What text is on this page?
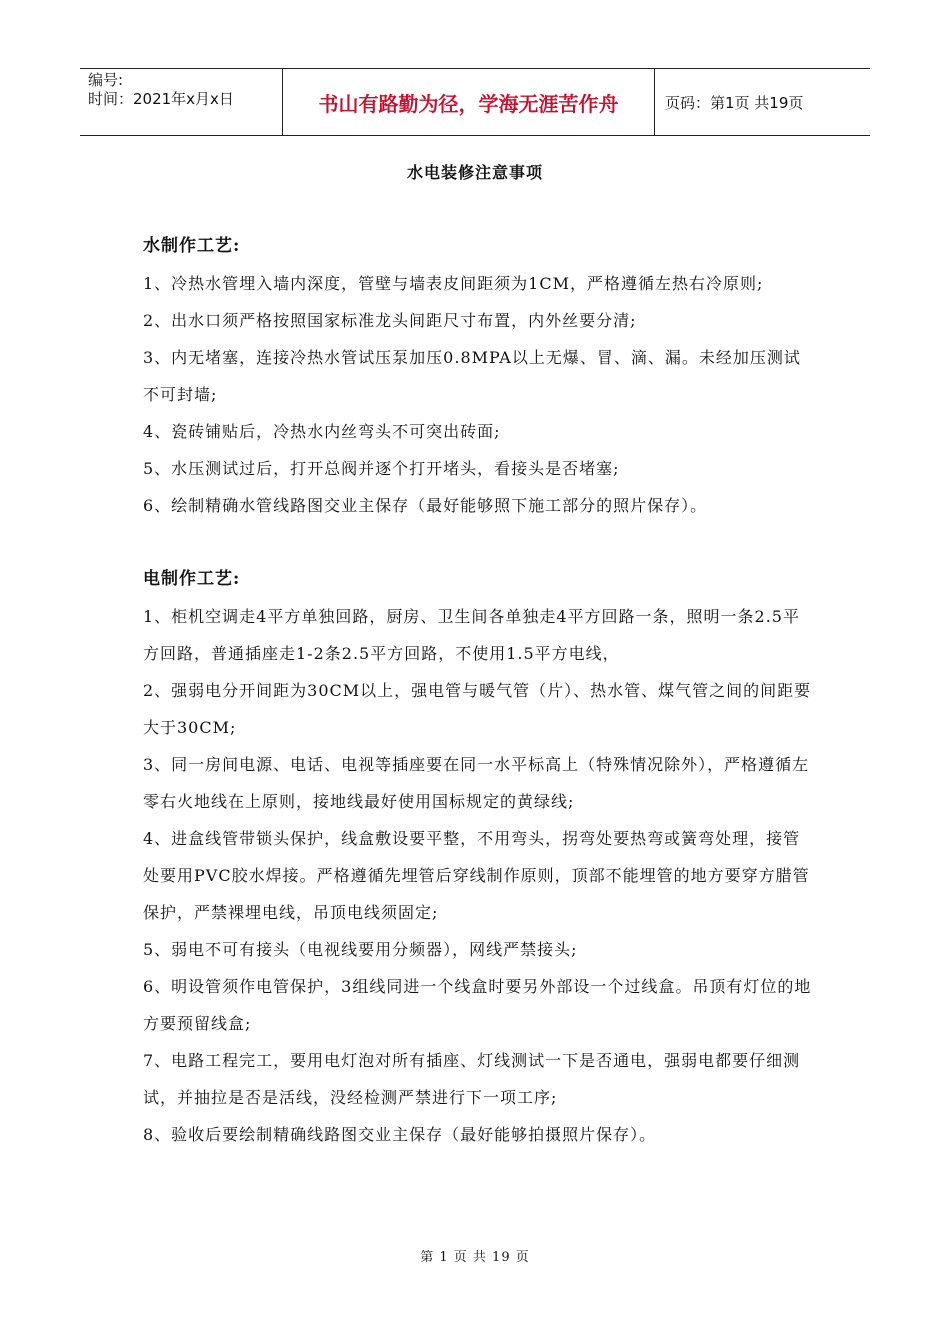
编号:
时间：2021年x月x日	书山有路勤为径，学海无涯苦作舟	页码：第1页 共19页
水电装修注意事项
水制作工艺:

1、冷热水管埋入墙内深度，管壁与墙表皮间距须为1CM，严格遵循左热右冷原则;

2、出水口须严格按照国家标准龙头间距尺寸布置，内外丝要分清;

3、内无堵塞，连接冷热水管试压泵加压0.8MPA以上无爆、冒、滴、漏。未经加压测试不可封墙;

4、瓷砖铺贴后，冷热水内丝弯头不可突出砖面;

5、水压测试过后，打开总阀并逐个打开堵头，看接头是否堵塞;

6、绘制精确水管线路图交业主保存（最好能够照下施工部分的照片保存）。

电制作工艺:

1、柜机空调走4平方单独回路，厨房、卫生间各单独走4平方回路一条，照明一条2.5平方回路，普通插座走1-2条2.5平方回路，不使用1.5平方电线，

2、强弱电分开间距为30CM以上，强电管与暖气管（片）、热水管、煤气管之间的间距要大于30CM;

3、同一房间电源、电话、电视等插座要在同一水平标高上（特殊情况除外），严格遵循左零右火地线在上原则，接地线最好使用国标规定的黄绿线;

4、进盒线管带锁头保护，线盒敷设要平整，不用弯头，拐弯处要热弯或簧弯处理，接管处要用PVC胶水焊接。严格遵循先埋管后穿线制作原则，顶部不能埋管的地方要穿方腊管保护，严禁裸埋电线，吊顶电线须固定;

5、弱电不可有接头（电视线要用分频器），网线严禁接头;

6、明设管须作电管保护，3组线同进一个线盒时要另外部设一个过线盒。吊顶有灯位的地方要预留线盒;

7、电路工程完工，要用电灯泡对所有插座、灯线测试一下是否通电，强弱电都要仔细测试，并抽拉是否是活线，没经检测严禁进行下一项工序;

8、验收后要绘制精确线路图交业主保存（最好能够拍摄照片保存）。

第 1 页 共 19 页
